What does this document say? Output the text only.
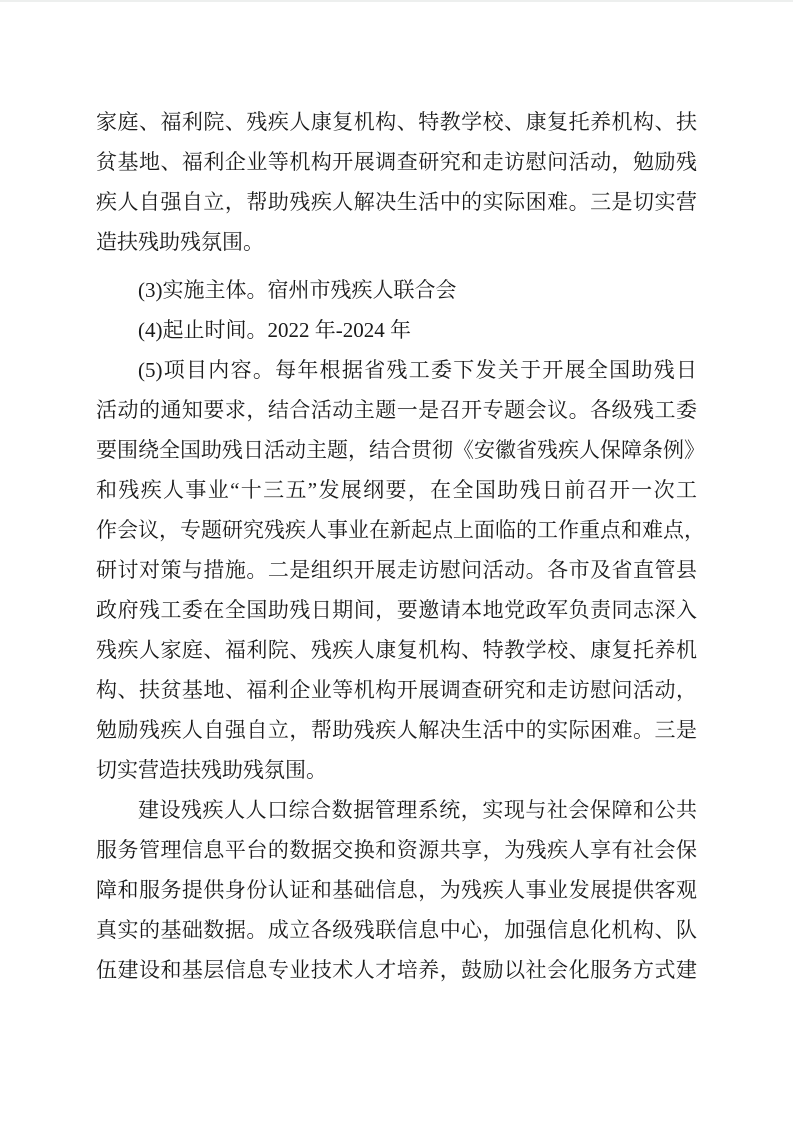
家庭、福利院、残疾人康复机构、特教学校、康复托养机构、扶
贫基地、福利企业等机构开展调查研究和走访慰问活动，勉励残
疾人自强自立，帮助残疾人解决生活中的实际困难。三是切实营
造扶残助残氛围。
(3)实施主体。宿州市残疾人联合会
(4)起止时间。2022 年-2024 年
(5)项目内容。每年根据省残工委下发关于开展全国助残日
活动的通知要求，结合活动主题一是召开专题会议。各级残工委
要围绕全国助残日活动主题，结合贯彻《安徽省残疾人保障条例》
和残疾人事业“十三五”发展纲要，在全国助残日前召开一次工
作会议，专题研究残疾人事业在新起点上面临的工作重点和难点，
研讨对策与措施。二是组织开展走访慰问活动。各市及省直管县
政府残工委在全国助残日期间，要邀请本地党政军负责同志深入
残疾人家庭、福利院、残疾人康复机构、特教学校、康复托养机
构、扶贫基地、福利企业等机构开展调查研究和走访慰问活动，
勉励残疾人自强自立，帮助残疾人解决生活中的实际困难。三是
切实营造扶残助残氛围。
建设残疾人人口综合数据管理系统，实现与社会保障和公共
服务管理信息平台的数据交换和资源共享，为残疾人享有社会保
障和服务提供身份认证和基础信息，为残疾人事业发展提供客观
真实的基础数据。成立各级残联信息中心，加强信息化机构、队
伍建设和基层信息专业技术人才培养，鼓励以社会化服务方式建
